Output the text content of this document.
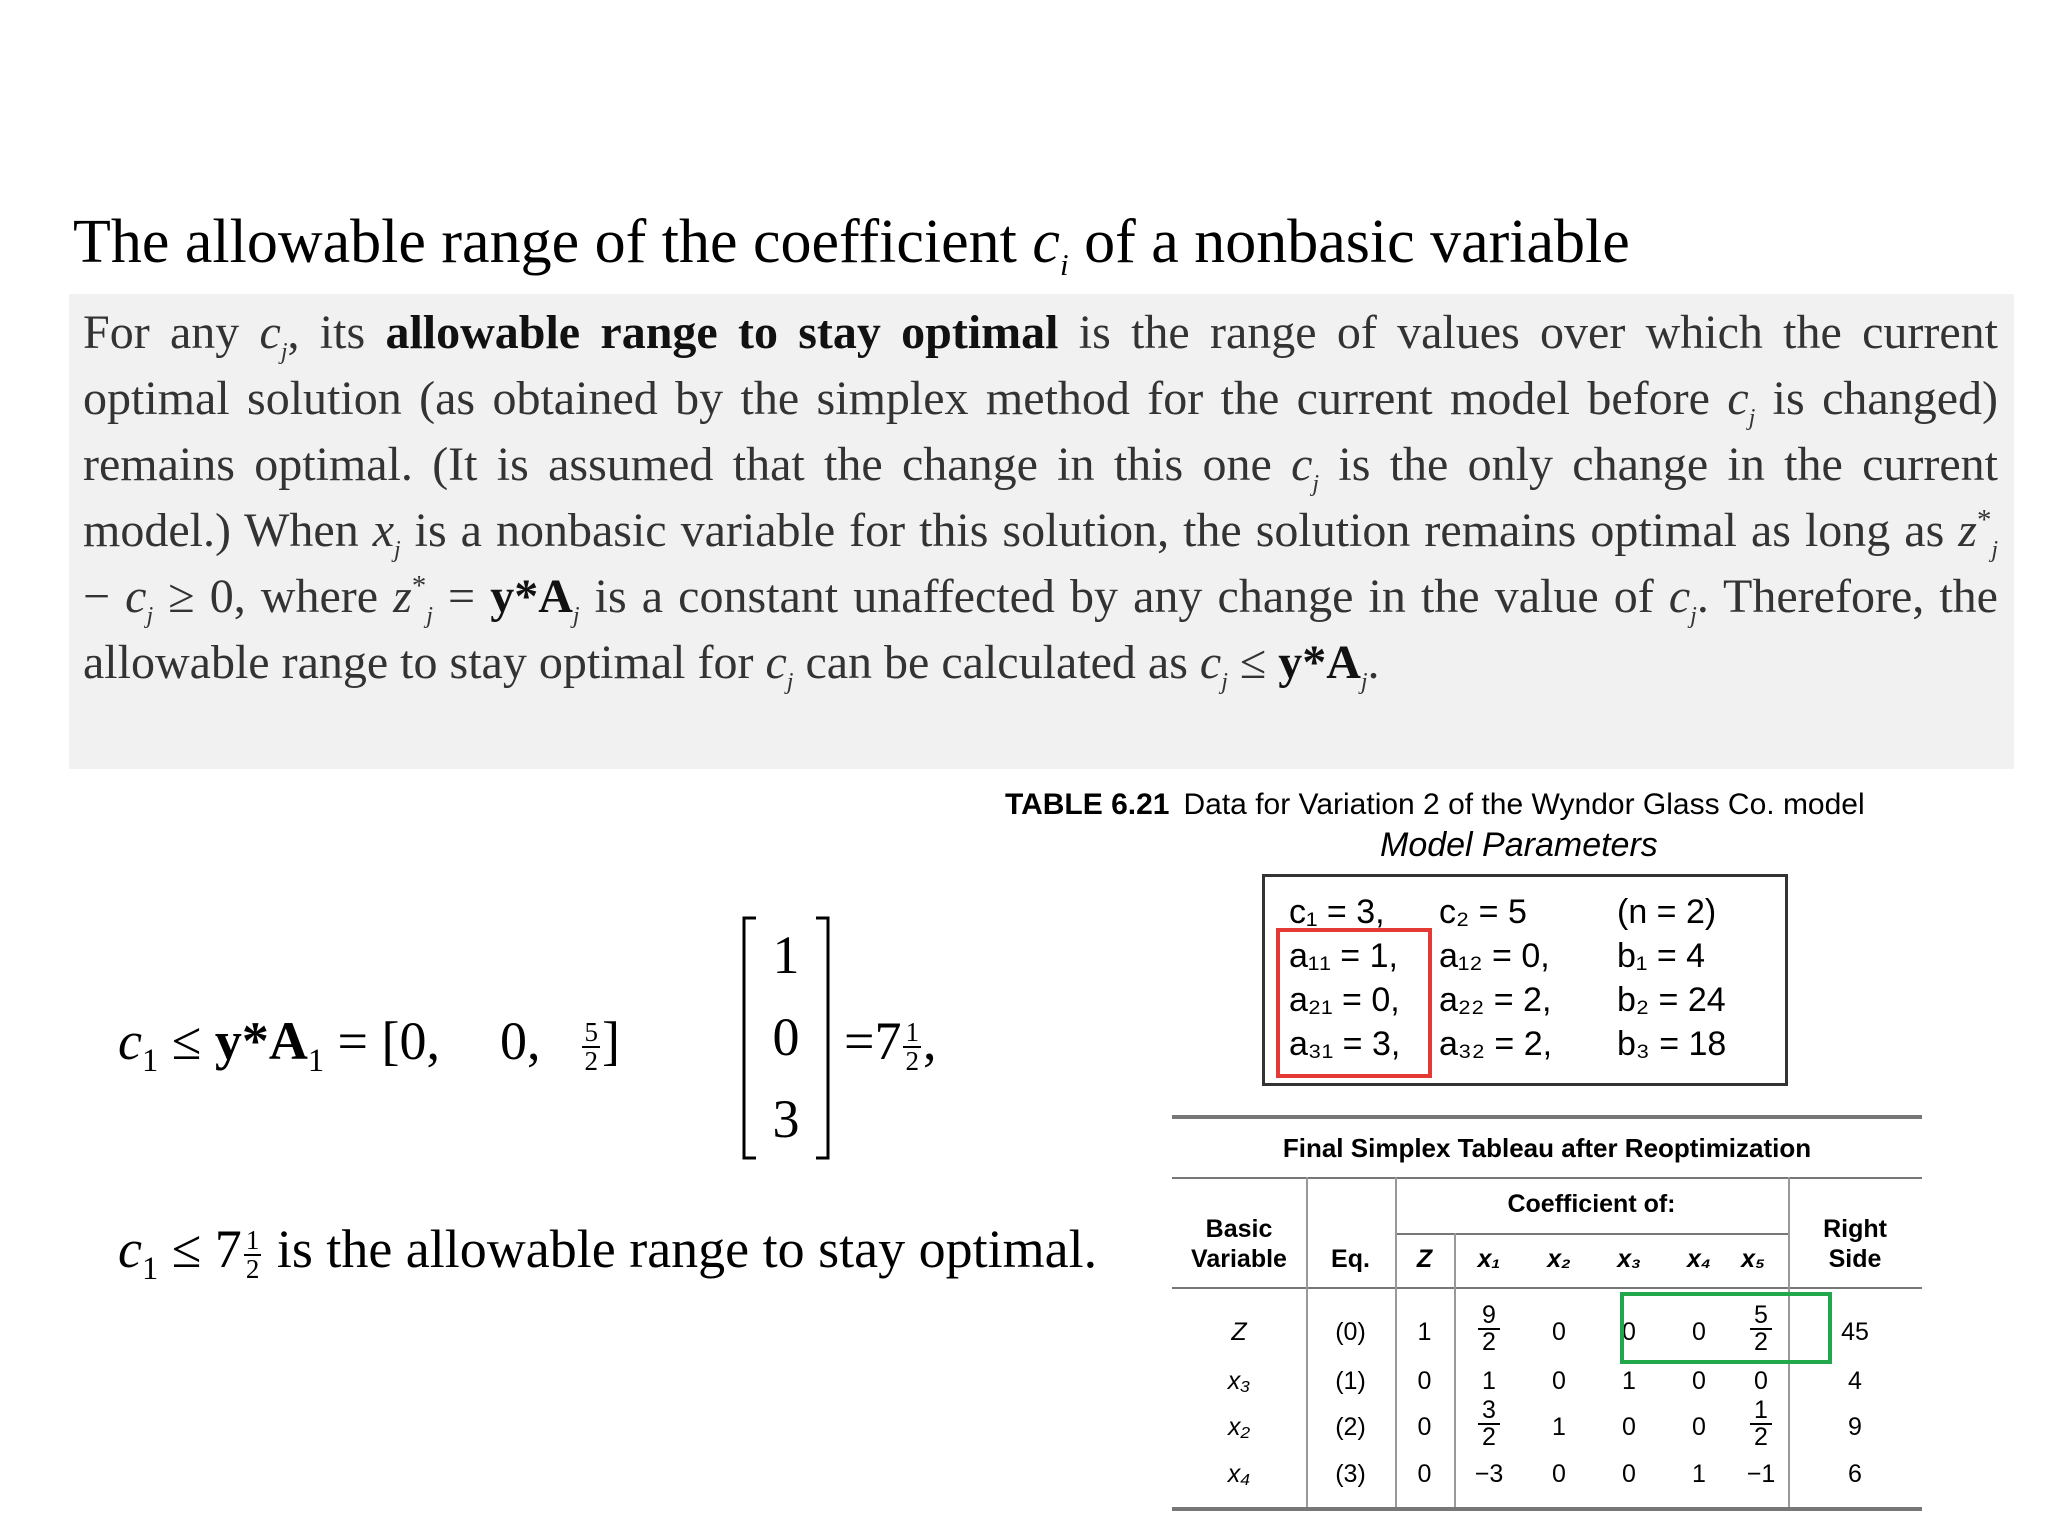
The allowable range of the coefficient $c_i$ of a nonbasic variable
For any $c_j$, its allowable range to stay optimal is the range of values over which the current optimal solution (as obtained by the simplex method for the current model before $c_j$ is changed) remains optimal. (It is assumed that the change in this one $c_j$ is the only change in the current model.) When $x_j$ is a nonbasic variable for this solution, the solution remains optimal as long as $z^*_j - c_j \ge 0$, where $z^*_j = y*A_j$ is a constant unaffected by any change in the value of $c_j$. Therefore, the allowable range to stay optimal for $c_j$ can be calculated as $c_j \le y*A_j$.
TABLE 6.21 Data for Variation 2 of the Wyndor Glass Co. model
Model Parameters
c₁ = 3,	c₂ = 5	(n = 2)
a₁₁ = 1,	a₁₂ = 0,	b₁ = 4
a₂₁ = 0,	a₂₂ = 2,	b₂ = 24
a₃₁ = 3,	a₃₂ = 2,	b₃ = 18
$c_1 \le y*A_1 = [0$, 0, $\frac{5}{2}$ ]
1
0
3
$=7 \frac{1}{2}$ ,
$c_1 \le 7 \frac{1}{2}$ is the allowable range to stay optimal.
Final Simplex Tableau after Reoptimization
Coefficient of:
Basic
Variable	Eq.	Z	x₁	x₂	x₃	x₄	x₅
Right
Side
Z	(0)	1	$\frac{9}{2}$	0	0	0	$\frac{5}{2}$	45
x₃	(1)	0	1	0	1	0	0	4
x₂	(2)	0	$\frac{3}{2}$	1	0	0	$\frac{1}{2}$	9
x₄	(3)	0	−3	0	0	1	−1	6
